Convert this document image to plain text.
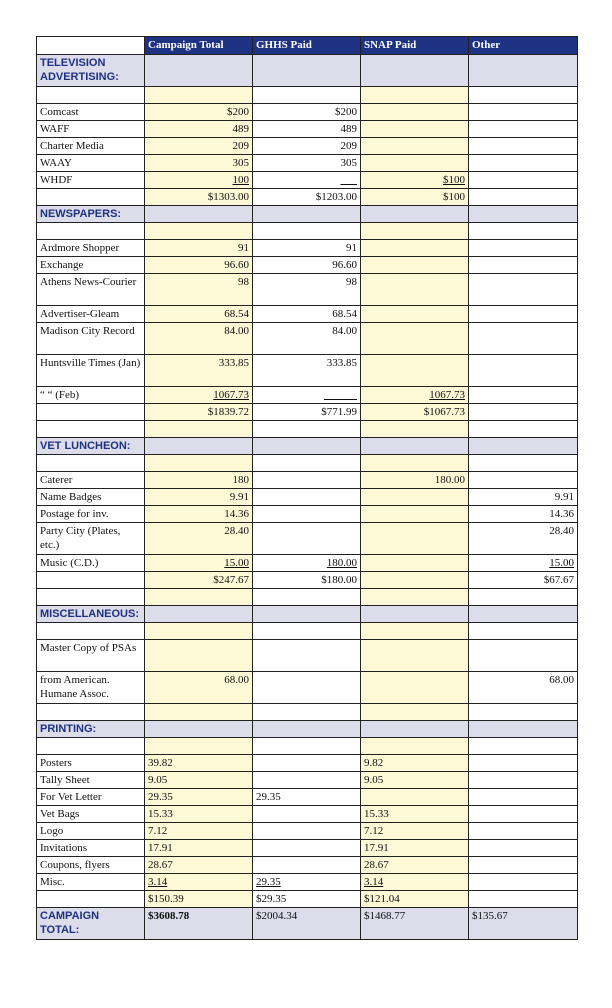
	Campaign Total	GHHS Paid	SNAP Paid	Other
TELEVISION ADVERTISING:				

Comcast	$200	$200		
WAFF	489	489		
Charter Media	209	209		
WAAY	305	305		
WHDF	100	___	$100	
	$1303.00	$1203.00	$100	
NEWSPAPERS:				

Ardmore Shopper	91	91		
Exchange	96.60	96.60		
Athens News-Courier	98	98		
Advertiser-Gleam	68.54	68.54		
Madison City Record	84.00	84.00		
Huntsville Times (Jan)	333.85	333.85		
“ “ (Feb)	1067.73	______	1067.73	
	$1839.72	$771.99	$1067.73	

VET LUNCHEON:				

Caterer	180		180.00	
Name Badges	9.91			9.91
Postage for inv.	14.36			14.36
Party City (Plates, etc.)	28.40			28.40
Music (C.D.)	15.00	180.00		15.00
	$247.67	$180.00		$67.67

MISCELLANEOUS:				

Master Copy of PSAs				
from American. Humane Assoc.	68.00			68.00

PRINTING:				

Posters	39.82		9.82	
Tally Sheet	9.05		9.05	
For Vet Letter	29.35	29.35		
Vet Bags	15.33		15.33	
Logo	7.12		7.12	
Invitations	17.91		17.91	
Coupons, flyers	28.67		28.67	
Misc.	3.14	29.35	3.14	
	$150.39	$29.35	$121.04	
CAMPAIGN TOTAL:	$3608.78	$2004.34	$1468.77	$135.67
